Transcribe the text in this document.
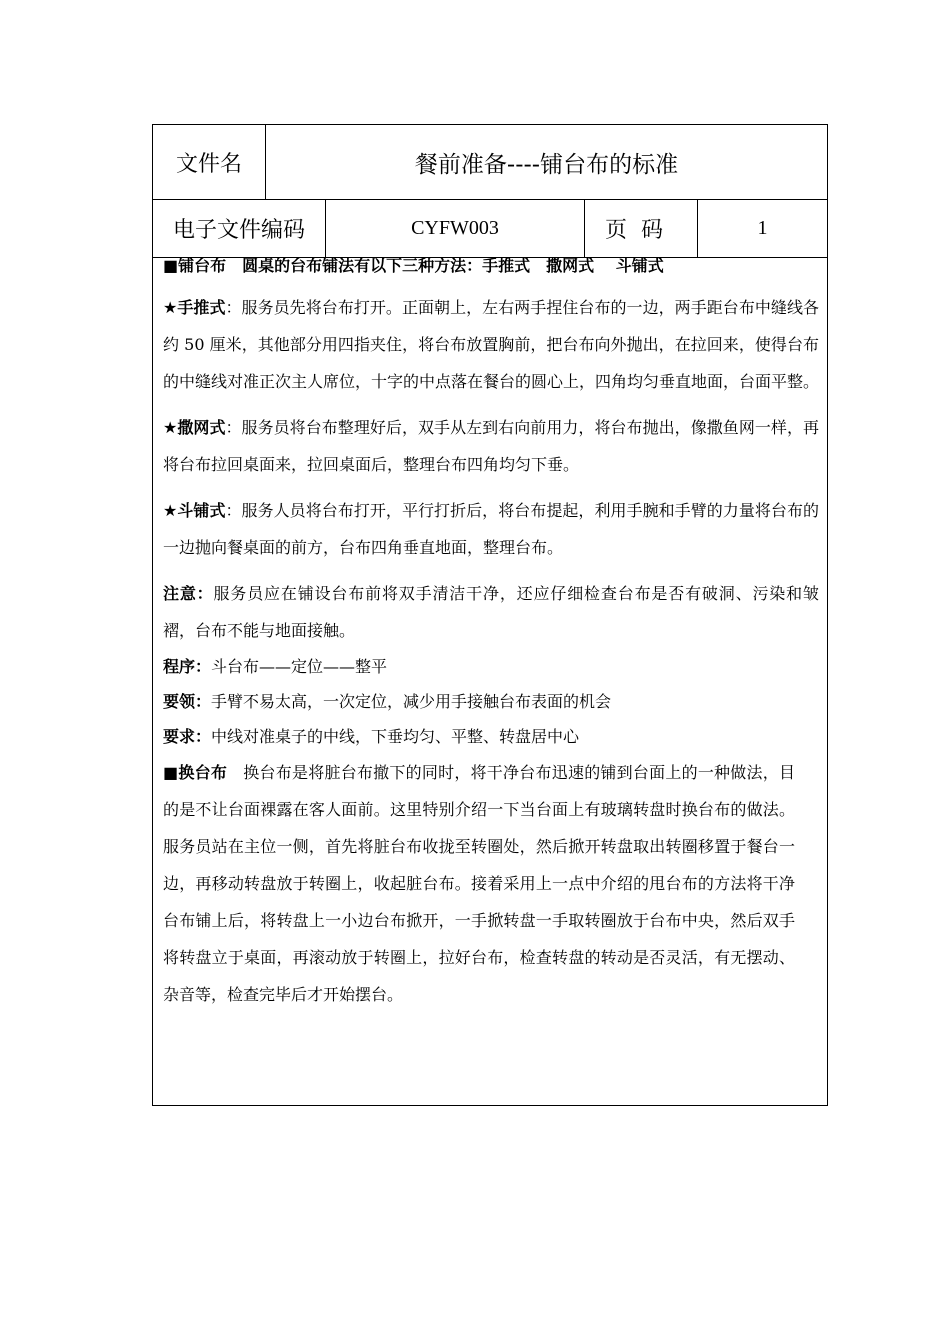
文件名	餐前准备----铺台布的标准
电子文件编码	CYFW003	页码	1

■铺台布　圆桌的台布铺法有以下三种方法：手推式　撒网式　 斗铺式

★手推式：服务员先将台布打开。正面朝上，左右两手捏住台布的一边，两手距台布中缝线各约 50 厘米，其他部分用四指夹住，将台布放置胸前，把台布向外抛出，在拉回来，使得台布的中缝线对准正次主人席位，十字的中点落在餐台的圆心上，四角均匀垂直地面，台面平整。

★撒网式：服务员将台布整理好后，双手从左到右向前用力，将台布抛出，像撒鱼网一样，再将台布拉回桌面来，拉回桌面后，整理台布四角均匀下垂。

★斗铺式：服务人员将台布打开，平行打折后，将台布提起，利用手腕和手臂的力量将台布的一边抛向餐桌面的前方，台布四角垂直地面，整理台布。

注意：服务员应在铺设台布前将双手清洁干净，还应仔细检查台布是否有破洞、污染和皱褶，台布不能与地面接触。

程序：斗台布——定位——整平

要领：手臂不易太高，一次定位，减少用手接触台布表面的机会

要求：中线对准桌子的中线，下垂均匀、平整、转盘居中心

■换台布　换台布是将脏台布撤下的同时，将干净台布迅速的铺到台面上的一种做法，目的是不让台面裸露在客人面前。这里特别介绍一下当台面上有玻璃转盘时换台布的做法。服务员站在主位一侧，首先将脏台布收拢至转圈处，然后掀开转盘取出转圈移置于餐台一边，再移动转盘放于转圈上，收起脏台布。接着采用上一点中介绍的甩台布的方法将干净台布铺上后，将转盘上一小边台布掀开，一手掀转盘一手取转圈放于台布中央，然后双手将转盘立于桌面，再滚动放于转圈上，拉好台布，检查转盘的转动是否灵活，有无摆动、杂音等，检查完毕后才开始摆台。
